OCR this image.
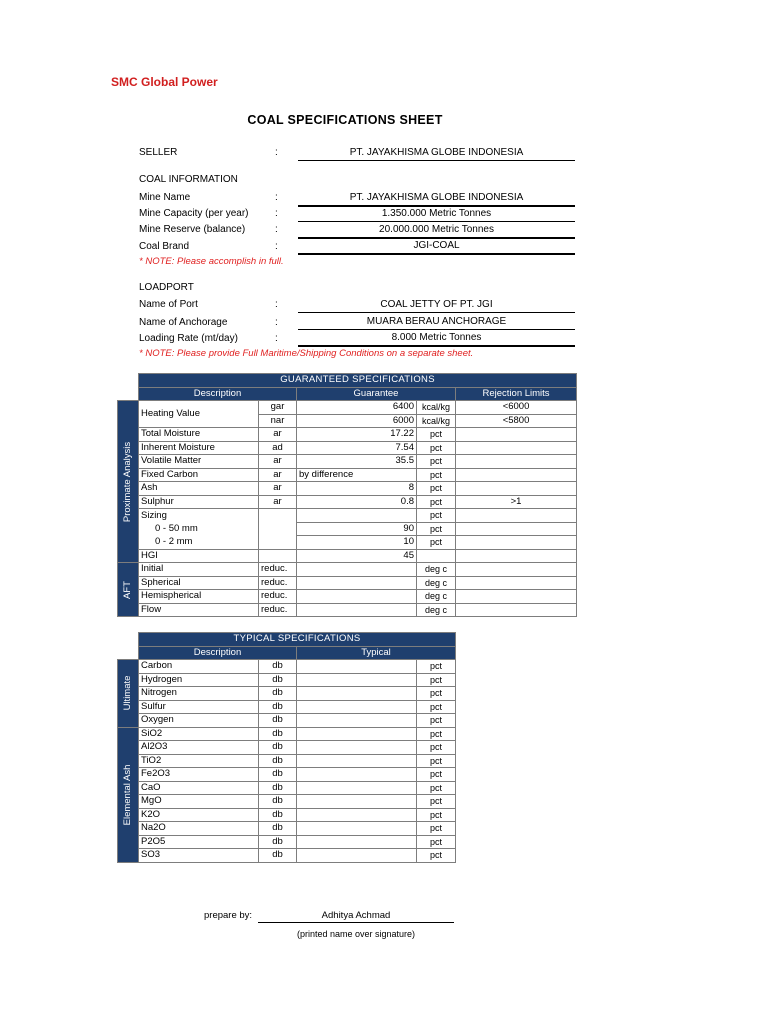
SMC Global Power
COAL SPECIFICATIONS SHEET
SELLER	:	PT. JAYAKHISMA GLOBE INDONESIA
COAL INFORMATION
Mine Name	:	PT. JAYAKHISMA GLOBE INDONESIA
Mine Capacity (per year)	:	1.350.000 Metric Tonnes
Mine Reserve (balance)	:	20.000.000 Metric Tonnes
Coal Brand	:	JGI-COAL
* NOTE: Please accomplish in full.
LOADPORT
Name of Port	:	COAL JETTY OF PT. JGI
Name of Anchorage	:	MUARA BERAU ANCHORAGE
Loading Rate (mt/day)	:	8.000 Metric Tonnes
* NOTE: Please provide Full Maritime/Shipping Conditions on a separate sheet.
	GUARANTEED SPECIFICATIONS				
	Description		Guarantee		Rejection Limits

Proximate Analysis	Heating Value	gar	6400	kcal/kg	<6000
		nar	6000	kcal/kg	<5800
	Total Moisture	ar	17.22	pct	
	Inherent Moisture	ad	7.54	pct	
	Volatile Matter	ar	35.5	pct	
	Fixed Carbon	ar	by difference	pct	
	Ash	ar	8	pct	
	Sulphur	ar	0.8	pct	>1
	Sizing			pct	
	0 - 50 mm		90	pct	
	0 - 2 mm		10	pct	
	HGI		45		

AFT	Initial	reduc.		deg c	
	Spherical	reduc.		deg c	
	Hemispherical	reduc.		deg c	
	Flow	reduc.		deg c	
	TYPICAL SPECIFICATIONS			
	Description		Typical	

Ultimate	Carbon	db		pct
	Hydrogen	db		pct
	Nitrogen	db		pct
	Sulfur	db		pct
	Oxygen	db		pct

Elemental Ash	SiO2	db		pct
	Al2O3	db		pct
	TiO2	db		pct
	Fe2O3	db		pct
	CaO	db		pct
	MgO	db		pct
	K2O	db		pct
	Na2O	db		pct
	P2O5	db		pct
	SO3	db		pct
prepare by:	Adhitya Achmad
(printed name over signature)
